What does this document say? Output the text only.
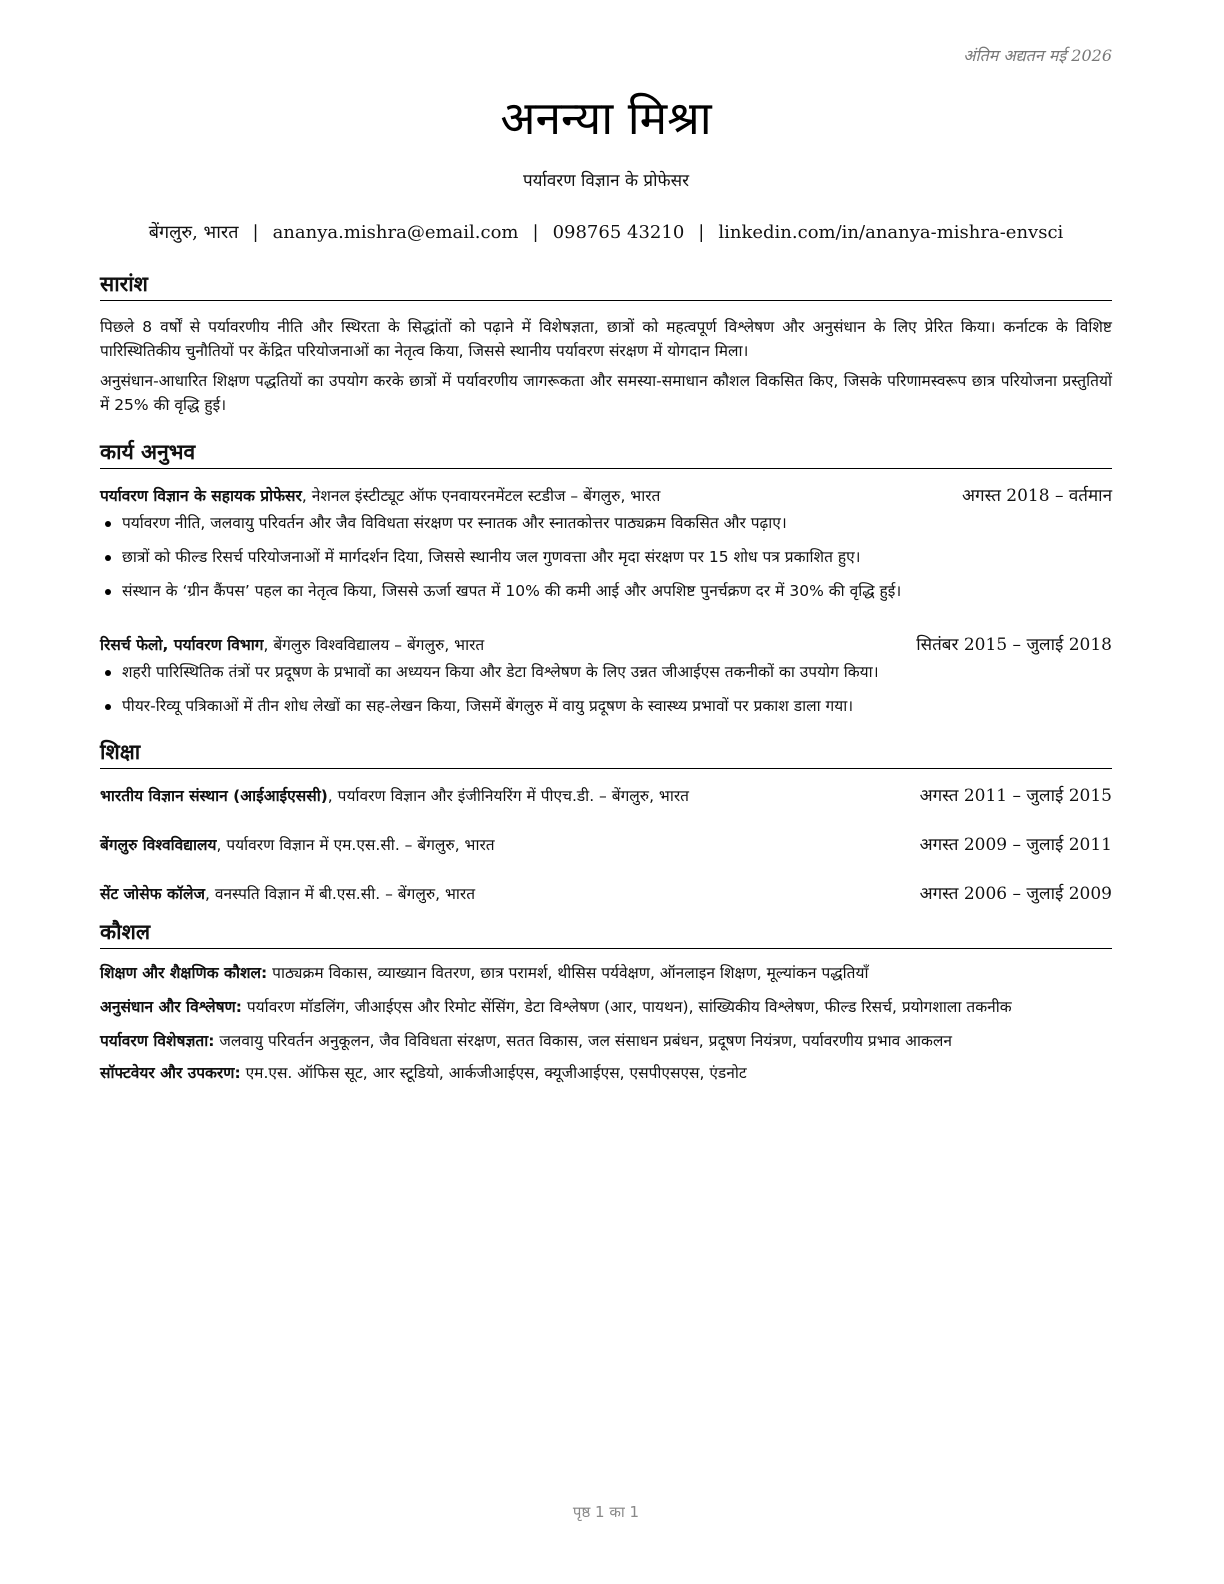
अंतिम अद्यतन मई 2026
अनन्या मिश्रा
पर्यावरण विज्ञान के प्रोफेसर
बेंगलुरु, भारत | ananya.mishra@email.com | 098765 43210 | linkedin.com/in/ananya-mishra-envsci
सारांश

पिछले 8 वर्षों से पर्यावरणीय नीति और स्थिरता के सिद्धांतों को पढ़ाने में विशेषज्ञता, छात्रों को महत्वपूर्ण विश्लेषण और अनुसंधान के लिए प्रेरित किया। कर्नाटक के विशिष्ट पारिस्थितिकीय चुनौतियों पर केंद्रित परियोजनाओं का नेतृत्व किया, जिससे स्थानीय पर्यावरण संरक्षण में योगदान मिला।

अनुसंधान-आधारित शिक्षण पद्धतियों का उपयोग करके छात्रों में पर्यावरणीय जागरूकता और समस्या-समाधान कौशल विकसित किए, जिसके परिणामस्वरूप छात्र परियोजना प्रस्तुतियों में 25% की वृद्धि हुई।

कार्य अनुभव
पर्यावरण विज्ञान के सहायक प्रोफेसर, नेशनल इंस्टीट्यूट ऑफ एनवायरनमेंटल स्टडीज – बेंगलुरु, भारत	अगस्त 2018 – वर्तमान
पर्यावरण नीति, जलवायु परिवर्तन और जैव विविधता संरक्षण पर स्नातक और स्नातकोत्तर पाठ्यक्रम विकसित और पढ़ाए।
छात्रों को फील्ड रिसर्च परियोजनाओं में मार्गदर्शन दिया, जिससे स्थानीय जल गुणवत्ता और मृदा संरक्षण पर 15 शोध पत्र प्रकाशित हुए।
संस्थान के ‘ग्रीन कैंपस’ पहल का नेतृत्व किया, जिससे ऊर्जा खपत में 10% की कमी आई और अपशिष्ट पुनर्चक्रण दर में 30% की वृद्धि हुई।
रिसर्च फेलो, पर्यावरण विभाग, बेंगलुरु विश्वविद्यालय – बेंगलुरु, भारत	सितंबर 2015 – जुलाई 2018
शहरी पारिस्थितिक तंत्रों पर प्रदूषण के प्रभावों का अध्ययन किया और डेटा विश्लेषण के लिए उन्नत जीआईएस तकनीकों का उपयोग किया।
पीयर-रिव्यू पत्रिकाओं में तीन शोध लेखों का सह-लेखन किया, जिसमें बेंगलुरु में वायु प्रदूषण के स्वास्थ्य प्रभावों पर प्रकाश डाला गया।
शिक्षा
भारतीय विज्ञान संस्थान (आईआईएससी), पर्यावरण विज्ञान और इंजीनियरिंग में पीएच.डी. – बेंगलुरु, भारत	अगस्त 2011 – जुलाई 2015
बेंगलुरु विश्वविद्यालय, पर्यावरण विज्ञान में एम.एस.सी. – बेंगलुरु, भारत	अगस्त 2009 – जुलाई 2011
सेंट जोसेफ कॉलेज, वनस्पति विज्ञान में बी.एस.सी. – बेंगलुरु, भारत	अगस्त 2006 – जुलाई 2009
कौशल

शिक्षण और शैक्षणिक कौशल: पाठ्यक्रम विकास, व्याख्यान वितरण, छात्र परामर्श, थीसिस पर्यवेक्षण, ऑनलाइन शिक्षण, मूल्यांकन पद्धतियाँ

अनुसंधान और विश्लेषण: पर्यावरण मॉडलिंग, जीआईएस और रिमोट सेंसिंग, डेटा विश्लेषण (आर, पायथन), सांख्यिकीय विश्लेषण, फील्ड रिसर्च, प्रयोगशाला तकनीक

पर्यावरण विशेषज्ञता: जलवायु परिवर्तन अनुकूलन, जैव विविधता संरक्षण, सतत विकास, जल संसाधन प्रबंधन, प्रदूषण नियंत्रण, पर्यावरणीय प्रभाव आकलन

सॉफ्टवेयर और उपकरण: एम.एस. ऑफिस सूट, आर स्टूडियो, आर्कजीआईएस, क्यूजीआईएस, एसपीएसएस, एंडनोट

पृष्ठ 1 का 1
